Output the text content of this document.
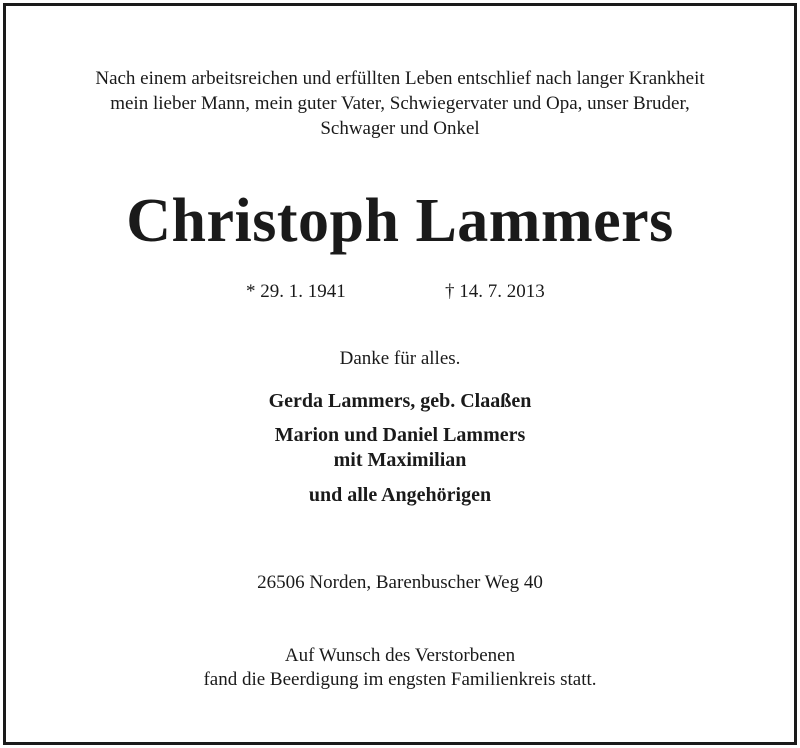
Nach einem arbeitsreichen und erfüllten Leben entschlief nach langer Krankheit
mein lieber Mann, mein guter Vater, Schwiegervater und Opa, unser Bruder,
Schwager und Onkel
Christoph Lammers
* 29. 1. 1941	† 14. 7. 2013
Danke für alles.
Gerda Lammers, geb. Claaßen
Marion und Daniel Lammers
mit Maximilian
und alle Angehörigen
26506 Norden, Barenbuscher Weg 40
Auf Wunsch des Verstorbenen
fand die Beerdigung im engsten Familienkreis statt.
